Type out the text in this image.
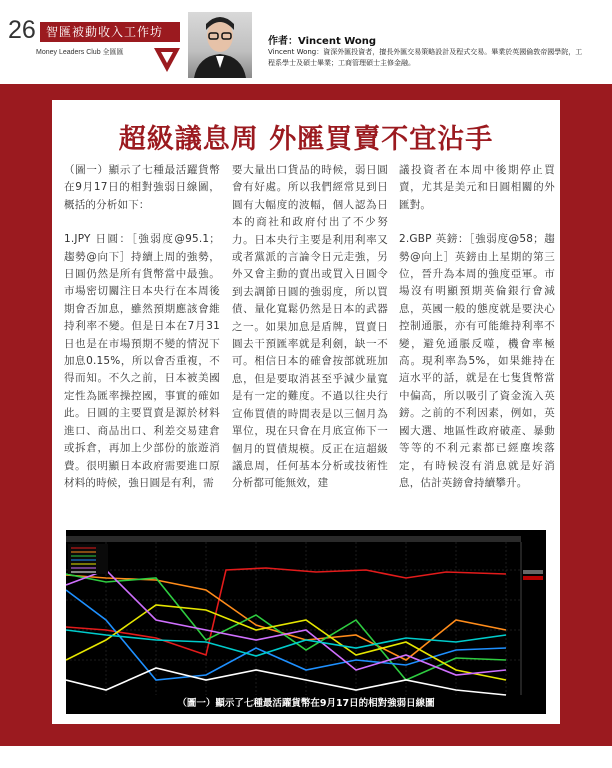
26 智匯被動收入工作坊
Money Leaders Club 全匯匯
作者：Vincent Wong
Vincent Wong：資深外匯投資者，擅長外匯交易策略設計及程式交易。畢業於英國倫敦帝國學院，工程系學士及碩士畢業；工商管理碩士主修金融。
超級議息周 外匯買賣不宜沾手

（圖一）顯示了七種最活躍貨幣在9月17日的相對強弱日線圖，概括的分析如下：

1.JPY 日圓：［強弱度@95.1；趨勢@向下］持續上周的強勢，日圓仍然是所有貨幣當中最強。市場密切關注日本央行在本周後期會否加息，雖然預期應該會維持利率不變。但是日本在7月31日也是在市場預期不變的情況下加息0.15%，所以會否重複，不得而知。不久之前，日本被美國定性為匯率操控國，事實的確如此。日圓的主要買賣是源於材料進口、商品出口、利差交易建倉或拆倉，再加上少部份的旅遊消費。很明顯日本政府需要進口原材料的時候，強日圓是有利，需

要大量出口貨品的時候，弱日圓會有好處。所以我們經常見到日圓有大幅度的波幅，個人認為日本的商社和政府付出了不少努力。日本央行主要是利用利率又或者黨派的言論令日元走強，另外又會主動的賣出或買入日圓令到去調節日圓的強弱度，所以買債、量化寬鬆仍然是日本的武器之一。如果加息是盾牌，買賣日圓去干預匯率就是利劍，缺一不可。相信日本的確會按部就班加息，但是要取消甚至乎減少量寬是有一定的難度。不過以往央行宣佈買債的時間表是以三個月為單位，現在只會在月底宣佈下一個月的買債規模。反正在這超級議息周，任何基本分析或技術性分析都可能無效，建

議投資者在本周中後期停止買賣，尤其是美元和日圓相關的外匯對。

2.GBP 英鎊：［強弱度@58；趨勢@向上］英鎊由上星期的第三位，晉升為本周的強度亞軍。市場沒有明顯預期英倫銀行會減息，英國一般的態度就是要決心控制通脹，亦有可能維持利率不變，避免通脹反噬，機會率極高。現利率為5%，如果維持在這水平的話，就是在七隻貨幣當中偏高，所以吸引了資金流入英鎊。之前的不利因素，例如，英國大選、地區性政府破產、暴動等等的不利元素都已經塵埃落定，有時候沒有消息就是好消息，估計英鎊會持續攀升。

（圖一）顯示了七種最活躍貨幣在9月17日的相對強弱日線圖
